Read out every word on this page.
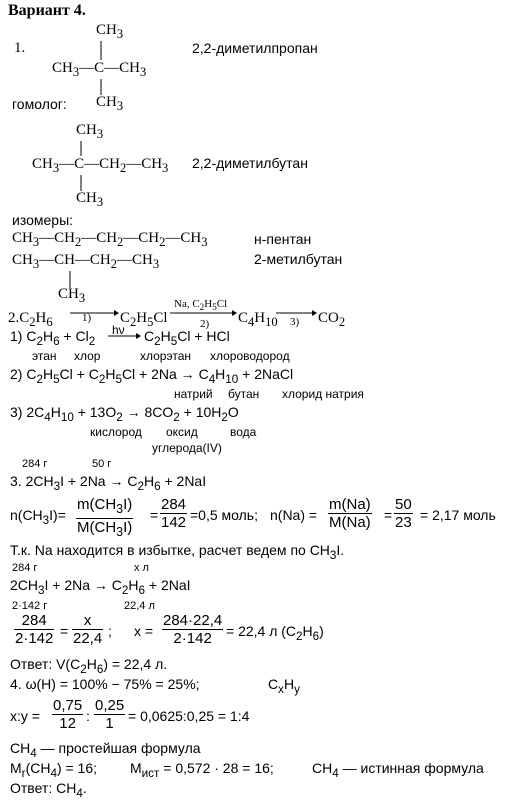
Вариант 4.
1.
$CH_3$
$CH_3—C—CH_3$
$CH_3$
2,2-диметилпропан
гомолог:
$CH_3$
$CH_3—C—CH_2—CH_3$
$CH_3$
2,2-диметилбутан
изомеры:
$CH_3—CH_2—CH_2—CH_2—CH_3$	н-пентан
$CH_3—CH—CH_2—CH_3$
$CH_3$
2-метилбутан
$2.C_2H_6$	$C_2H_5Cl$	$C_4H_{10}$	$CO_2$
1)
Na, $C_2H_5Cl$
2)	3)
1) $C_2H_6 + Cl_2$
hν $C_2H_5Cl$ + HCl
этан хлор	хлорэтан хлороводород
2) $C_2H_5Cl + C_2H_5Cl + 2Na \to C_4H_{10}$ + 2NaCl
натрий бутан хлорид натрия
3) $2C_4H_{10} + 13O_2 \to 8CO_2 + 10H_2O$
кислород оксид	вода
углерода(IV)
284 г	50 г
3. $2CH_3I + 2Na \to C_2H_6 + 2NaI$
$n(CH_3I)= \frac{m(CH_3I)}{M(CH_3I)} = \frac{284}{142} =0,5$ моль; $n(Na) = \frac{m(Na)}{M(Na)} = \frac{50}{23} = 2,17$ моль
Т.к. Na находится в избытке, расчет ведем по $CH_3I$.
284 г	x л
$2CH_3I + 2Na \to C_2H_6 + 2NaI$
2·142 г	22,4 л
$\frac{284}{2\cdot 142} = \frac{x}{22,4}$ ; $x = \frac{284\cdot 22,4}{2\cdot 142} = 22,4$ л $(C_2H_6)$
Ответ: $V(C_2H_6) = 22,4$ л.
4. ω(H) = 100% − 75% = 25%;	$C_xH_y$
x:y = $\frac{0,75}{12}$ : $\frac{0,25}{1}$ = 0,0625:0,25 = 1:4
$CH_4$ — простейшая формула
$M_r(CH_4) = 16$; $M_{ист} = 0,572 \cdot 28 = 16$;	$CH_4$ — истинная формула
Ответ: $CH_4$.
